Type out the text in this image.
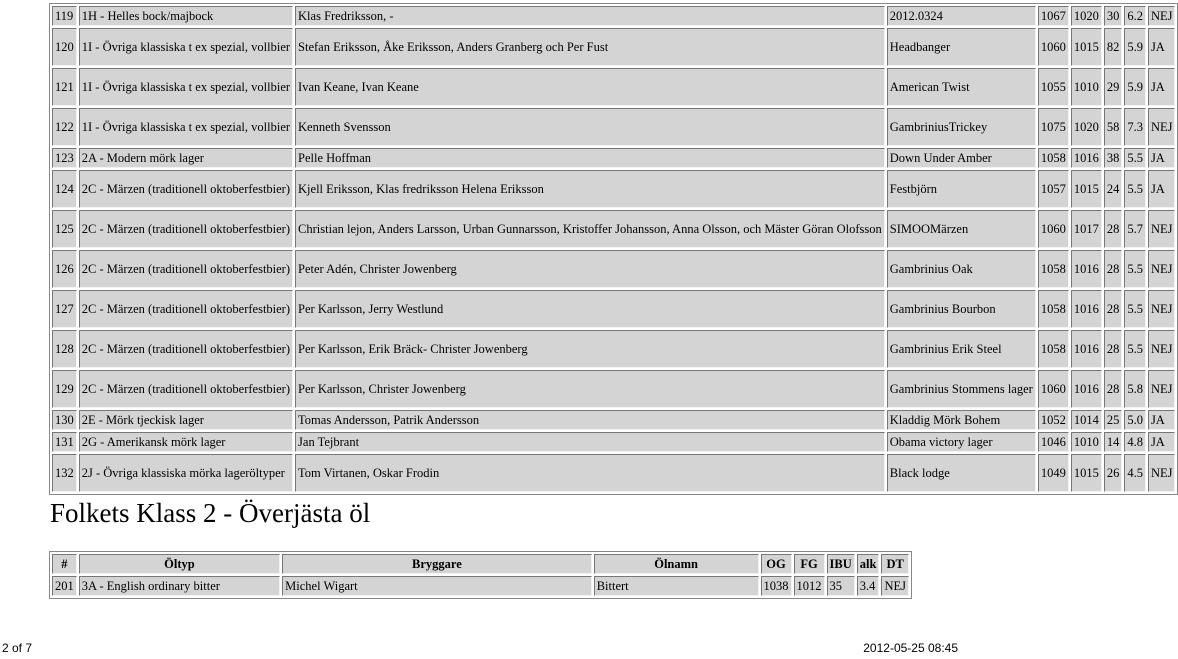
119	1H - Helles bock/majbock	Klas Fredriksson, -	2012.0324	1067	1020	30	6.2	NEJ
120	1I - Övriga klassiska t ex spezial, vollbier	Stefan Eriksson, Åke Eriksson, Anders Granberg och Per Fust	Headbanger	1060	1015	82	5.9	JA
121	1I - Övriga klassiska t ex spezial, vollbier	Ivan Keane, Ivan Keane	American Twist	1055	1010	29	5.9	JA
122	1I - Övriga klassiska t ex spezial, vollbier	Kenneth Svensson	GambriniusTrickey	1075	1020	58	7.3	NEJ
123	2A - Modern mörk lager	Pelle Hoffman	Down Under Amber	1058	1016	38	5.5	JA
124	2C - Märzen (traditionell oktoberfestbier)	Kjell Eriksson, Klas fredriksson Helena Eriksson	Festbjörn	1057	1015	24	5.5	JA
125	2C - Märzen (traditionell oktoberfestbier)	Christian lejon, Anders Larsson, Urban Gunnarsson, Kristoffer Johansson, Anna Olsson, och Mäster Göran Olofsson	SIMOOMärzen	1060	1017	28	5.7	NEJ
126	2C - Märzen (traditionell oktoberfestbier)	Peter Adén, Christer Jowenberg	Gambrinius Oak	1058	1016	28	5.5	NEJ
127	2C - Märzen (traditionell oktoberfestbier)	Per Karlsson, Jerry Westlund	Gambrinius Bourbon	1058	1016	28	5.5	NEJ
128	2C - Märzen (traditionell oktoberfestbier)	Per Karlsson, Erik Bräck- Christer Jowenberg	Gambrinius Erik Steel	1058	1016	28	5.5	NEJ
129	2C - Märzen (traditionell oktoberfestbier)	Per Karlsson, Christer Jowenberg	Gambrinius Stommens lager	1060	1016	28	5.8	NEJ
130	2E - Mörk tjeckisk lager	Tomas Andersson, Patrik Andersson	Kladdig Mörk Bohem	1052	1014	25	5.0	JA
131	2G - Amerikansk mörk lager	Jan Tejbrant	Obama victory lager	1046	1010	14	4.8	JA
132	2J - Övriga klassiska mörka lageröltyper	Tom Virtanen, Oskar Frodin	Black lodge	1049	1015	26	4.5	NEJ
Folkets Klass 2 - Överjästa öl
#	Öltyp	Bryggare	Ölnamn	OG	FG	IBU	alk	DT
201	3A - English ordinary bitter	Michel Wigart	Bittert	1038	1012	35	3.4	NEJ
2 of 7	2012-05-25 08:45
